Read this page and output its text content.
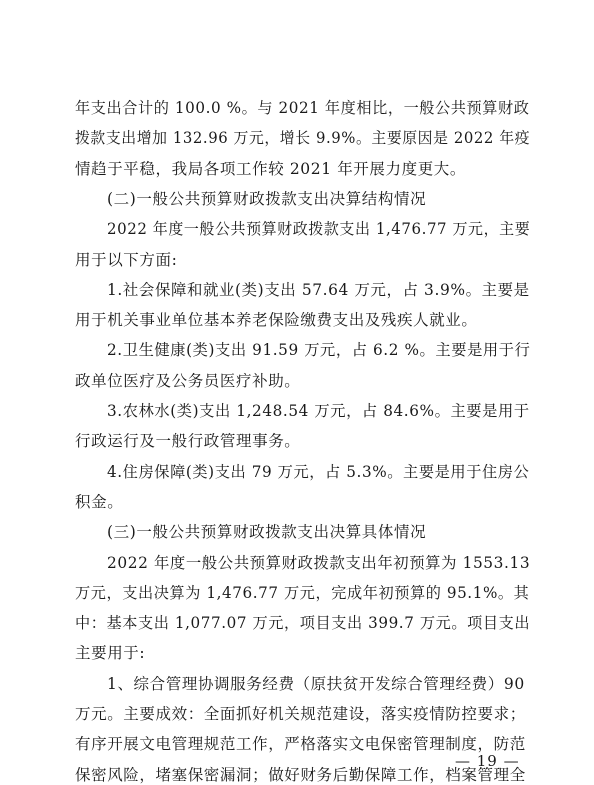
年支出合计的 100.0 %。与 2021 年度相比，一般公共预算财政
拨款支出增加 132.96 万元，增长 9.9%。主要原因是 2022 年疫
情趋于平稳，我局各项工作较 2021 年开展力度更大。
(二)一般公共预算财政拨款支出决算结构情况
2022 年度一般公共预算财政拨款支出 1,476.77 万元，主要
用于以下方面:
1.社会保障和就业(类)支出 57.64 万元，占 3.9%。主要是
用于机关事业单位基本养老保险缴费支出及残疾人就业。
2.卫生健康(类)支出 91.59 万元，占 6.2 %。主要是用于行
政单位医疗及公务员医疗补助。
3.农林水(类)支出 1,248.54 万元，占 84.6%。主要是用于
行政运行及一般行政管理事务。
4.住房保障(类)支出 79 万元，占 5.3%。主要是用于住房公
积金。
(三)一般公共预算财政拨款支出决算具体情况
2022 年度一般公共预算财政拨款支出年初预算为 1553.13
万元，支出决算为 1,476.77 万元，完成年初预算的 95.1%。其
中：基本支出 1,077.07 万元，项目支出 399.7 万元。项目支出
主要用于:
1、综合管理协调服务经费（原扶贫开发综合管理经费）90
万元。主要成效：全面抓好机关规范建设，落实疫情防控要求；
有序开展文电管理规范工作，严格落实文电保密管理制度，防范
保密风险，堵塞保密漏洞；做好财务后勤保障工作，档案管理全
— 19 —
